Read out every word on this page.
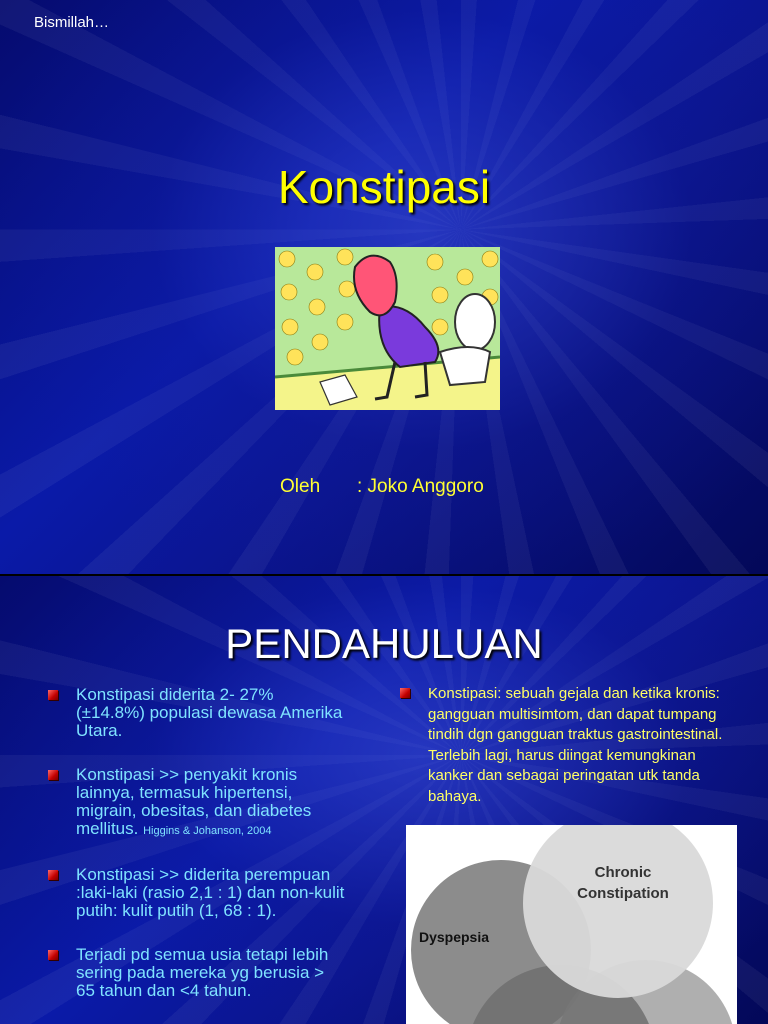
Bismillah…
Konstipasi
Oleh : Joko Anggoro
PENDAHULUAN
Konstipasi diderita 2- 27% (±14.8%) populasi dewasa Amerika Utara.
Konstipasi >> penyakit kronis lainnya, termasuk hipertensi, migrain, obesitas, dan diabetes mellitus. Higgins & Johanson, 2004
Konstipasi >> diderita perempuan :laki-laki (rasio 2,1 : 1) dan non-kulit putih: kulit putih (1, 68 : 1).
Terjadi pd semua usia tetapi lebih sering pada mereka yg berusia > 65 tahun dan <4 tahun.
Konstipasi: sebuah gejala dan ketika kronis: gangguan multisimtom, dan dapat tumpang tindih dgn gangguan traktus gastrointestinal. Terlebih lagi, harus diingat kemungkinan kanker dan sebagai peringatan utk tanda bahaya.
Chronic
Constipation
Dyspepsia
